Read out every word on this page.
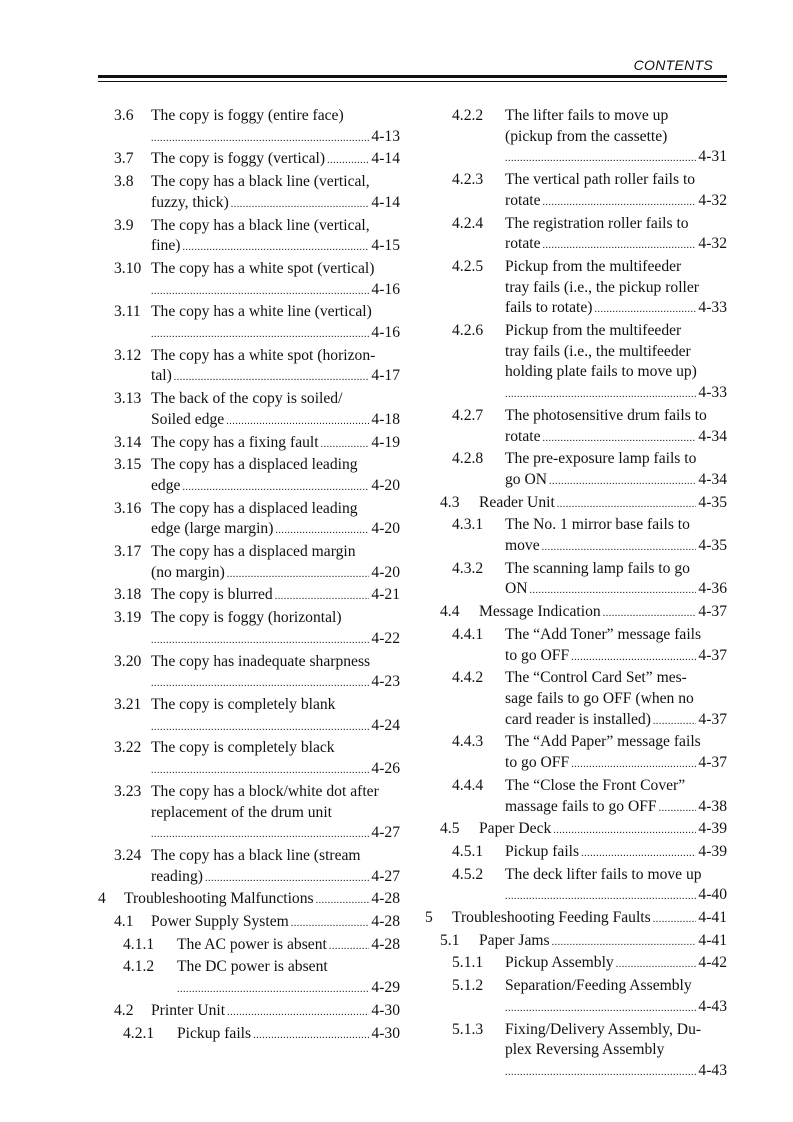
CONTENTS
3.6 The copy is foggy (entire face)
.....
4-13
3.7 The copy is foggy (vertical) .....	4-14
3.8 The copy has a black line (vertical,
fuzzy, thick) .....	4-14
3.9 The copy has a black line (vertical,
fine) .....	4-15
3.10 The copy has a white spot (vertical)
.....
4-16
3.11 The copy has a white line (vertical)
.....
4-16
3.12 The copy has a white spot (horizon-
tal) .....	4-17
3.13 The back of the copy is soiled/
Soiled edge .....	4-18
3.14 The copy has a fixing fault .....	4-19
3.15 The copy has a displaced leading
edge .....	4-20
3.16 The copy has a displaced leading
edge (large margin) .....	4-20
3.17 The copy has a displaced margin
(no margin) .....	4-20
3.18 The copy is blurred .....	4-21
3.19 The copy is foggy (horizontal)
.....
4-22
3.20 The copy has inadequate sharpness
.....
4-23
3.21 The copy is completely blank
.....
4-24
3.22 The copy is completely black
.....
4-26
3.23 The copy has a block/white dot after
replacement of the drum unit
.....
4-27
3.24 The copy has a black line (stream
reading) .....	4-27
4 Troubleshooting Malfunctions .....	4-28
4.1 Power Supply System .....	4-28
4.1.1 The AC power is absent .....	4-28
4.1.2 The DC power is absent
.....
4-29
4.2 Printer Unit .....	4-30
4.2.1 Pickup fails .....	4-30
4.2.2 The lifter fails to move up
(pickup from the cassette)
.....
4-31
4.2.3 The vertical path roller fails to
rotate .....	4-32
4.2.4 The registration roller fails to
rotate .....	4-32
4.2.5 Pickup from the multifeeder
tray fails (i.e., the pickup roller
fails to rotate) .....	4-33
4.2.6 Pickup from the multifeeder
tray fails (i.e., the multifeeder
holding plate fails to move up)
.....
4-33
4.2.7 The photosensitive drum fails to
rotate .....	4-34
4.2.8 The pre-exposure lamp fails to
go ON .....	4-34
4.3 Reader Unit .....	4-35
4.3.1 The No. 1 mirror base fails to
move .....	4-35
4.3.2 The scanning lamp fails to go
ON .....	4-36
4.4 Message Indication .....	4-37
4.4.1 The “Add Toner” message fails
to go OFF .....	4-37
4.4.2 The “Control Card Set” mes-
sage fails to go OFF (when no
card reader is installed) .....	4-37
4.4.3 The “Add Paper” message fails
to go OFF .....	4-37
4.4.4 The “Close the Front Cover”
massage fails to go OFF .....	4-38
4.5 Paper Deck .....	4-39
4.5.1 Pickup fails .....	4-39
4.5.2 The deck lifter fails to move up
.....
4-40
5 Troubleshooting Feeding Faults .....	4-41
5.1 Paper Jams .....	4-41
5.1.1 Pickup Assembly .....	4-42
5.1.2 Separation/Feeding Assembly
.....
4-43
5.1.3 Fixing/Delivery Assembly, Du-
plex Reversing Assembly
.....
4-43
